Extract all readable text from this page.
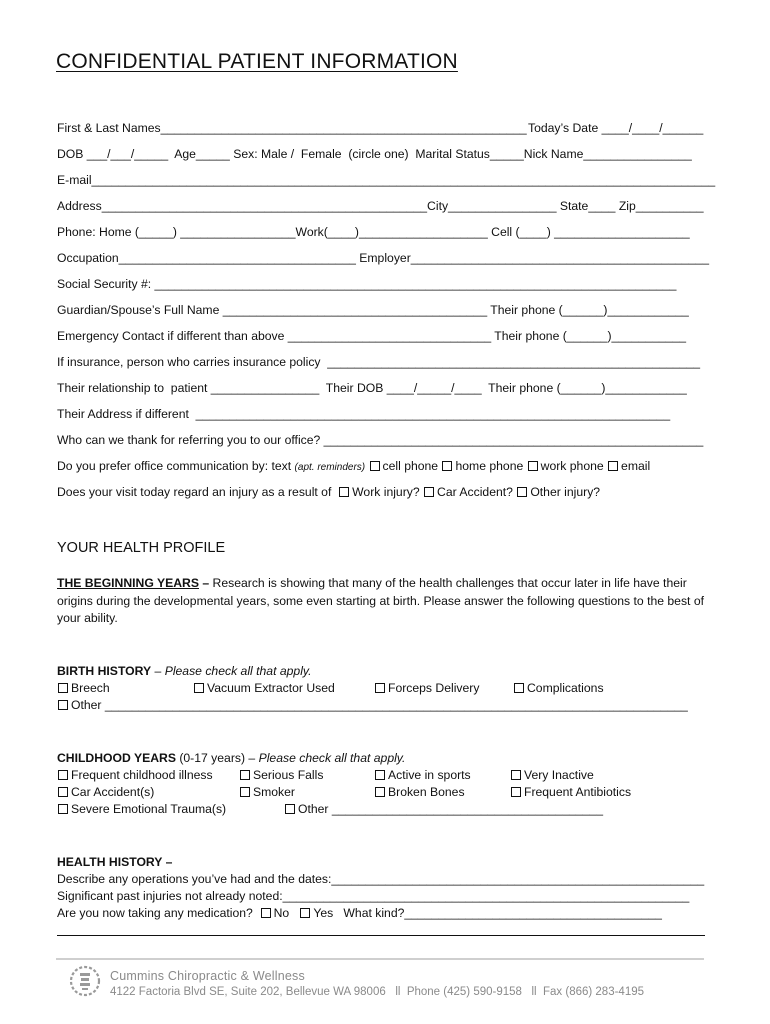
CONFIDENTIAL PATIENT INFORMATION
First & Last Names______________________________________________________ Today’s Date ____/____/______
DOB ___/___/_____  Age_____ Sex: Male /  Female  (circle one)  Marital Status_____Nick Name________________
E-mail____________________________________________________________________________________________
Address________________________________________________City________________ State____ Zip__________
Phone: Home (_____) _________________Work(____)___________________ Cell (____) ____________________
Occupation___________________________________ Employer____________________________________________
Social Security #: _____________________________________________________________________________
Guardian/Spouse’s Full Name _______________________________________ Their phone (______)____________
Emergency Contact if different than above ______________________________ Their phone (______)___________
If insurance, person who carries insurance policy  _______________________________________________________
Their relationship to  patient ________________  Their DOB ____/_____/____  Their phone (______)____________
Their Address if different  ______________________________________________________________________
Who can we thank for referring you to our office? ________________________________________________________
Do you prefer office communication by: text (apt. reminders) cell phone home phone work phone email
Does your visit today regard an injury as a result of  Work injury? Car Accident? Other injury?
YOUR HEALTH PROFILE
THE BEGINNING YEARS – Research is showing that many of the health challenges that occur later in life have their origins during the developmental years, some even starting at birth. Please answer the following questions to the best of your ability.
BIRTH HISTORY – Please check all that apply.
Breech	Vacuum Extractor Used	Forceps Delivery	Complications
Other ______________________________________________________________________________________
CHILDHOOD YEARS (0-17 years) – Please check all that apply.
Frequent childhood illness	Serious Falls	Active in sports	Very Inactive
Car Accident(s)	Smoker	Broken Bones	Frequent Antibiotics
Severe Emotional Trauma(s)	Other ________________________________________
HEALTH HISTORY –
Describe any operations you’ve had and the dates:_______________________________________________________
Significant past injuries not already noted:____________________________________________________________
Are you now taking any medication?  No Yes What kind?______________________________________
Cummins Chiropractic & Wellness
4122 Factoria Blvd SE, Suite 202, Bellevue WA 98006   ll  Phone (425) 590-9158   ll  Fax (866) 283-4195
